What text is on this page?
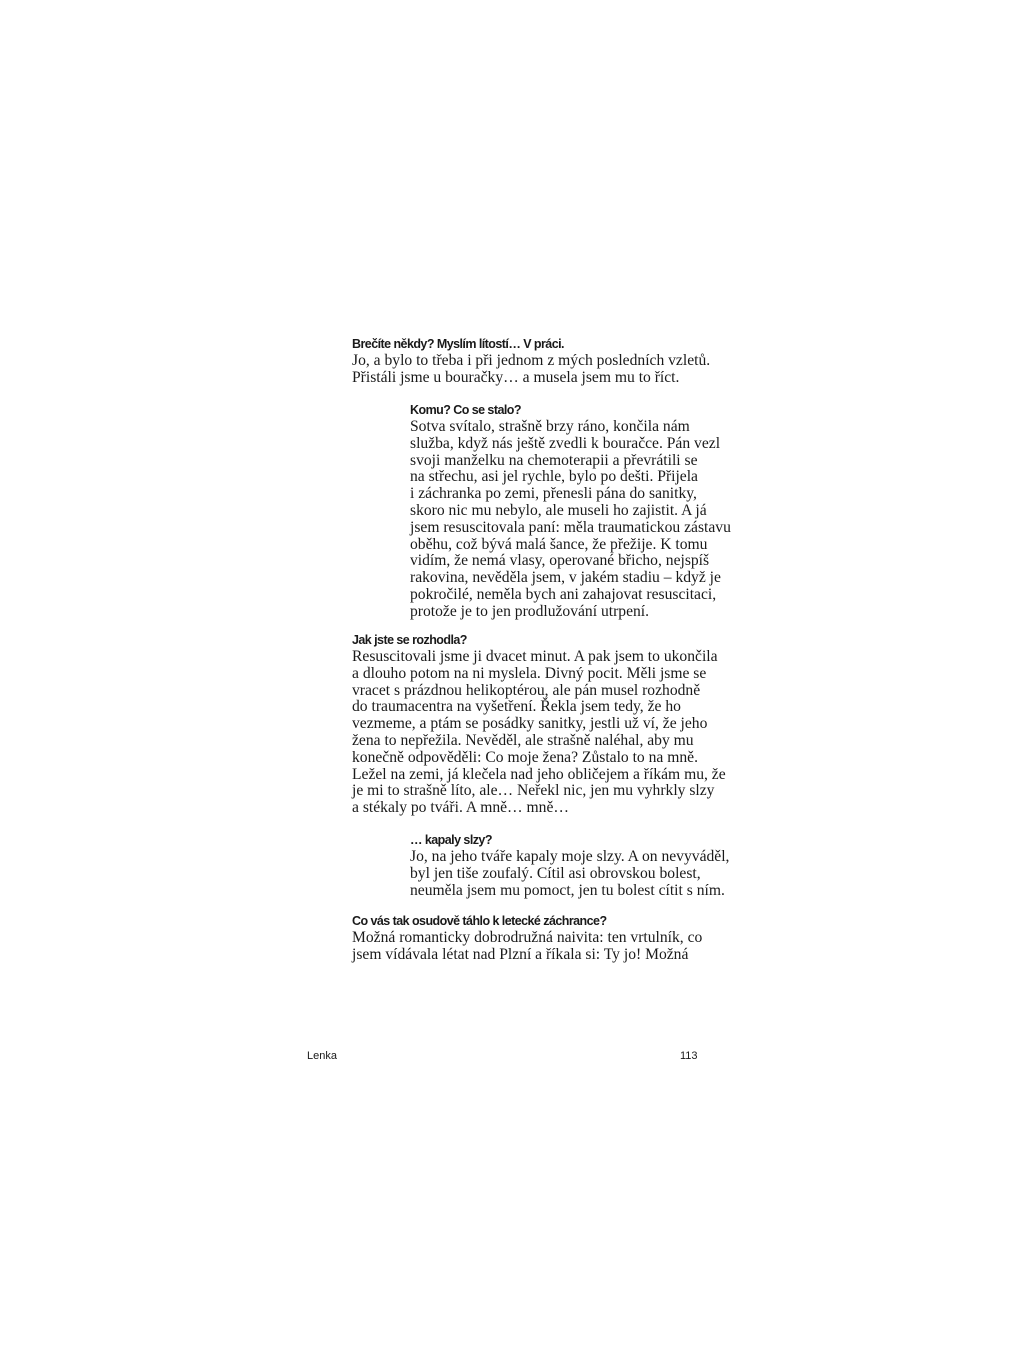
Brečíte někdy? Myslím lítostí… V práci.

Jo, a bylo to třeba i při jednom z mých posledních vzletů.
Přistáli jsme u bouračky… a musela jsem mu to říct.

Komu? Co se stalo?

Sotva svítalo, strašně brzy ráno, končila nám
služba, když nás ještě zvedli k bouračce. Pán vezl
svoji manželku na chemoterapii a převrátili se
na střechu, asi jel rychle, bylo po dešti. Přijela
i záchranka po zemi, přenesli pána do sanitky,
skoro nic mu nebylo, ale museli ho zajistit. A já
jsem resuscitovala paní: měla traumatickou zástavu
oběhu, což bývá malá šance, že přežije. K tomu
vidím, že nemá vlasy, operované břicho, nejspíš
rakovina, nevěděla jsem, v jakém stadiu – když je
pokročilé, neměla bych ani zahajovat resuscitaci,
protože je to jen prodlužování utrpení.

Jak jste se rozhodla?

Resuscitovali jsme ji dvacet minut. A pak jsem to ukončila
a dlouho potom na ni myslela. Divný pocit. Měli jsme se
vracet s prázdnou helikoptérou, ale pán musel rozhodně
do traumacentra na vyšetření. Řekla jsem tedy, že ho
vezmeme, a ptám se posádky sanitky, jestli už ví, že jeho
žena to nepřežila. Nevěděl, ale strašně naléhal, aby mu
konečně odpověděli: Co moje žena? Zůstalo to na mně.
Ležel na zemi, já klečela nad jeho obličejem a říkám mu, že
je mi to strašně líto, ale… Neřekl nic, jen mu vyhrkly slzy
a stékaly po tváři. A mně… mně…

… kapaly slzy?

Jo, na jeho tváře kapaly moje slzy. A on nevyváděl,
byl jen tiše zoufalý. Cítil asi obrovskou bolest,
neuměla jsem mu pomoct, jen tu bolest cítit s ním.

Co vás tak osudově táhlo k letecké záchrance?

Možná romanticky dobrodružná naivita: ten vrtulník, co
jsem vídávala létat nad Plzní a říkala si: Ty jo! Možná

Lenka	113
